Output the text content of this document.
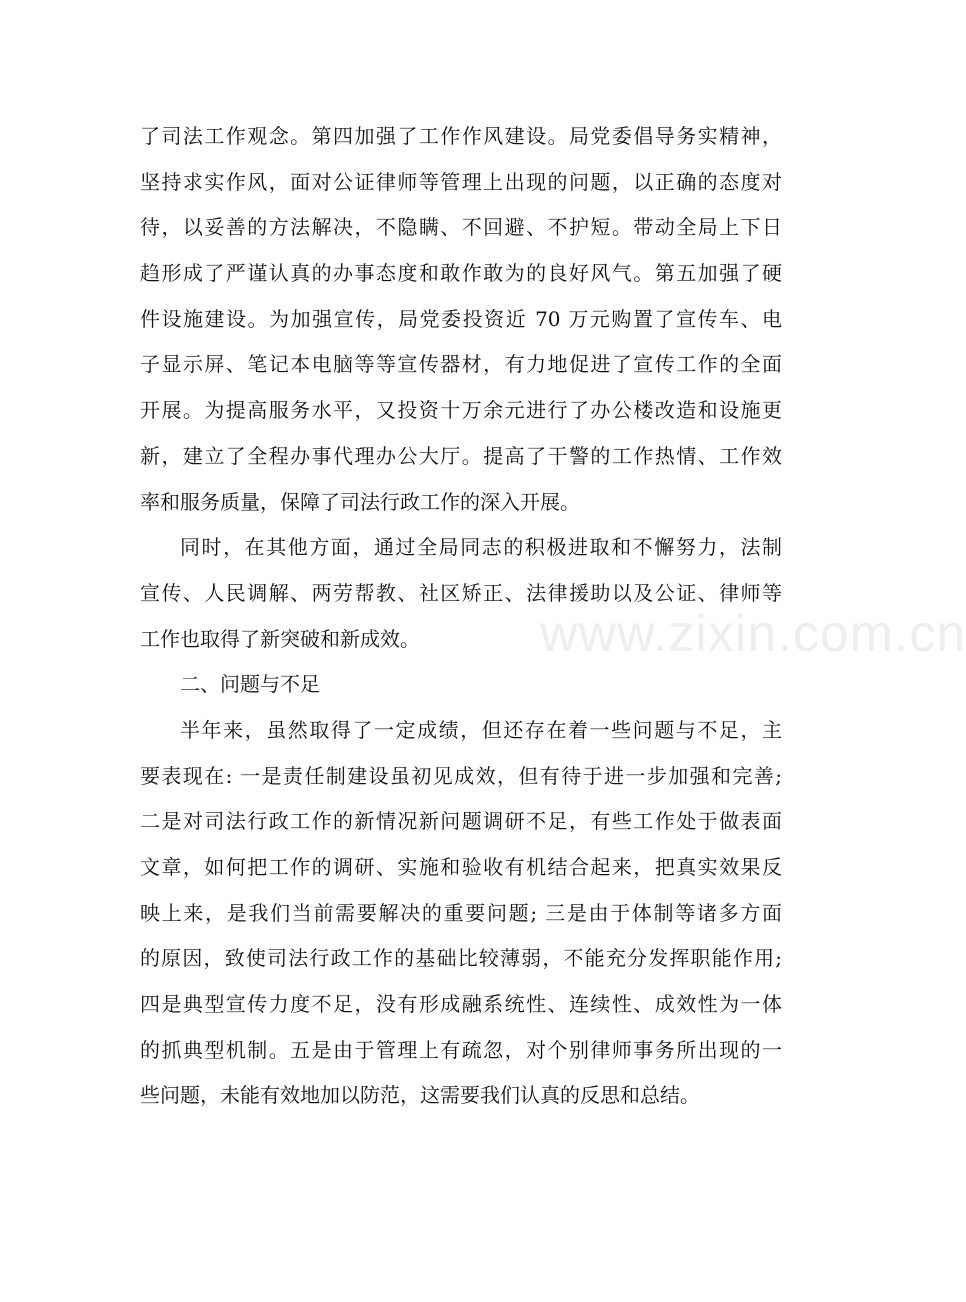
了司法工作观念。第四加强了工作作风建设。局党委倡导务实精神，
坚持求实作风，面对公证律师等管理上出现的问题，以正确的态度对
待，以妥善的方法解决，不隐瞒、不回避、不护短。带动全局上下日
趋形成了严谨认真的办事态度和敢作敢为的良好风气。第五加强了硬
件设施建设。为加强宣传，局党委投资近 70 万元购置了宣传车、电
子显示屏、笔记本电脑等等宣传器材，有力地促进了宣传工作的全面
开展。为提高服务水平，又投资十万余元进行了办公楼改造和设施更
新，建立了全程办事代理办公大厅。提高了干警的工作热情、工作效
率和服务质量，保障了司法行政工作的深入开展。
同时，在其他方面，通过全局同志的积极进取和不懈努力，法制
宣传、人民调解、两劳帮教、社区矫正、法律援助以及公证、律师等
工作也取得了新突破和新成效。
二、问题与不足
半年来，虽然取得了一定成绩，但还存在着一些问题与不足，主
要表现在: 一是责任制建设虽初见成效，但有待于进一步加强和完善;
二是对司法行政工作的新情况新问题调研不足，有些工作处于做表面
文章，如何把工作的调研、实施和验收有机结合起来，把真实效果反
映上来，是我们当前需要解决的重要问题; 三是由于体制等诸多方面
的原因，致使司法行政工作的基础比较薄弱，不能充分发挥职能作用;
四是典型宣传力度不足，没有形成融系统性、连续性、成效性为一体
的抓典型机制。五是由于管理上有疏忽，对个别律师事务所出现的一
些问题，未能有效地加以防范，这需要我们认真的反思和总结。
www.zixin.com.cn
